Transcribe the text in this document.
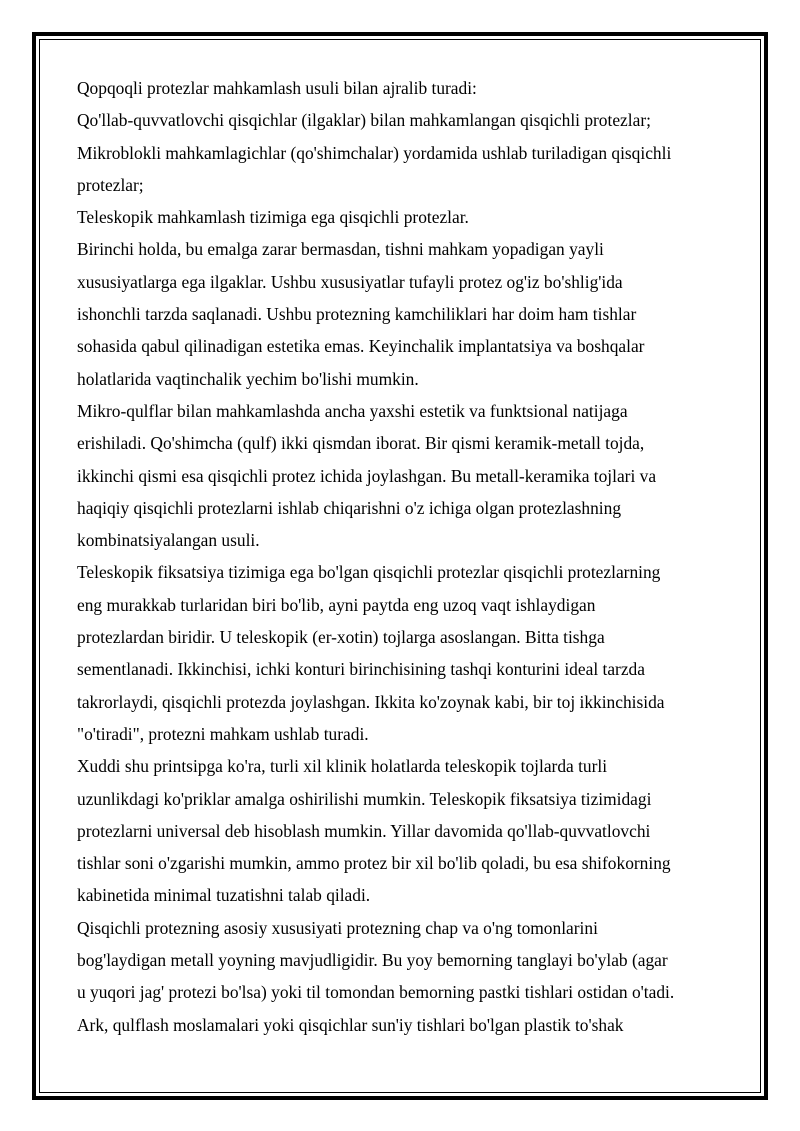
Qopqoqli protezlar mahkamlash usuli bilan ajralib turadi:
Qo'llab-quvvatlovchi qisqichlar (ilgaklar) bilan mahkamlangan qisqichli protezlar;
Mikroblokli mahkamlagichlar (qo'shimchalar) yordamida ushlab turiladigan qisqichli
protezlar;
Teleskopik mahkamlash tizimiga ega qisqichli protezlar.
Birinchi holda, bu emalga zarar bermasdan, tishni mahkam yopadigan yayli
xususiyatlarga ega ilgaklar. Ushbu xususiyatlar tufayli protez og'iz bo'shlig'ida
ishonchli tarzda saqlanadi. Ushbu protezning kamchiliklari har doim ham tishlar
sohasida qabul qilinadigan estetika emas. Keyinchalik implantatsiya va boshqalar
holatlarida vaqtinchalik yechim bo'lishi mumkin.
Mikro-qulflar bilan mahkamlashda ancha yaxshi estetik va funktsional natijaga
erishiladi. Qo'shimcha (qulf) ikki qismdan iborat. Bir qismi keramik-metall tojda,
ikkinchi qismi esa qisqichli protez ichida joylashgan. Bu metall-keramika tojlari va
haqiqiy qisqichli protezlarni ishlab chiqarishni o'z ichiga olgan protezlashning
kombinatsiyalangan usuli.
Teleskopik fiksatsiya tizimiga ega bo'lgan qisqichli protezlar qisqichli protezlarning
eng murakkab turlaridan biri bo'lib, ayni paytda eng uzoq vaqt ishlaydigan
protezlardan biridir. U teleskopik (er-xotin) tojlarga asoslangan. Bitta tishga
sementlanadi. Ikkinchisi, ichki konturi birinchisining tashqi konturini ideal tarzda
takrorlaydi, qisqichli protezda joylashgan. Ikkita ko'zoynak kabi, bir toj ikkinchisida
"o'tiradi", protezni mahkam ushlab turadi.
Xuddi shu printsipga ko'ra, turli xil klinik holatlarda teleskopik tojlarda turli
uzunlikdagi ko'priklar amalga oshirilishi mumkin. Teleskopik fiksatsiya tizimidagi
protezlarni universal deb hisoblash mumkin. Yillar davomida qo'llab-quvvatlovchi
tishlar soni o'zgarishi mumkin, ammo protez bir xil bo'lib qoladi, bu esa shifokorning
kabinetida minimal tuzatishni talab qiladi.
Qisqichli protezning asosiy xususiyati protezning chap va o'ng tomonlarini
bog'laydigan metall yoyning mavjudligidir. Bu yoy bemorning tanglayi bo'ylab (agar
u yuqori jag' protezi bo'lsa) yoki til tomondan bemorning pastki tishlari ostidan o'tadi.
Ark, qulflash moslamalari yoki qisqichlar sun'iy tishlari bo'lgan plastik to'shak
